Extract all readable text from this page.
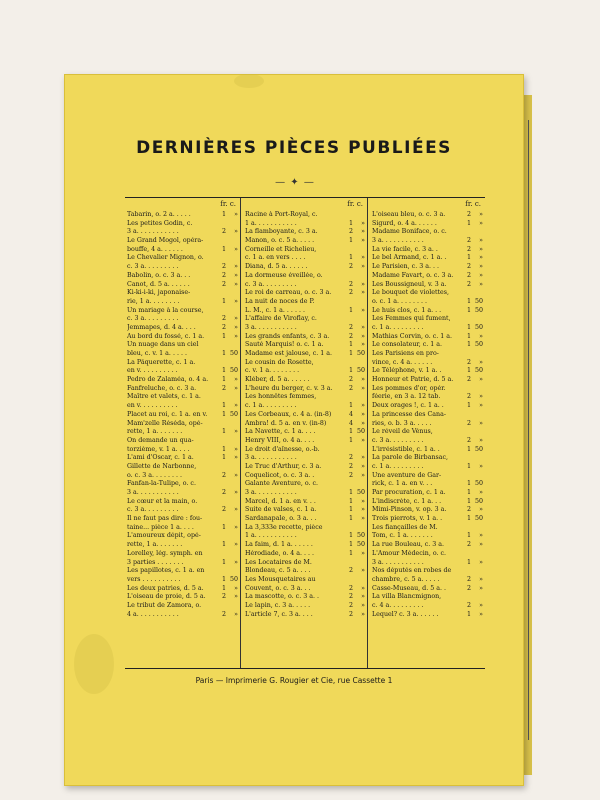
DERNIÈRES PIÈCES PUBLIÉES
— ✦ —
fr. c.
Tabarin, o. 2 a. . . . .	1	»
Les petites Godin, c.
3 a. . . . . . . . . . .	2	»
Le Grand Mogol, opéra-
bouffe, 4 a. . . . . .	1	»
Le Chevalier Mignon, o.
c. 3 a. . . . . . . . .	2	»
Babolin, o. c. 3 a. . .	2	»
Canot, d. 5 a. . . . . .	2	»
Ki-ki-i-ki, japonaise-
rie, 1 a. . . . . . . .	1	»
Un mariage à la course,
c. 3 a. . . . . . . . .	2	»
Jemmapes, d. 4 a. . . .	2	»
Au bord du fossé, c. 1 a.	1	»
Un nuage dans un ciel
bleu, c. v. 1 a. . . . .	1 50
La Pâquerette, c. 1 a.
en v. . . . . . . . . .	1 50
Pedro de Zalaméa, o. 4 a.	1	»
Fanfreluche, o. c. 3 a.	2	»
Maître et valets, c. 1 a.
en v. . . . . . . . . .	1	»
Placet au roi, c. 1 a. en v.	1 50
Mam'zelle Réséda, opé-
rette, 1 a. . . . . . .	1	»
On demande un qua-
torzième, v. 1 a. . . .	1	»
L'ami d'Oscar, c. 1 a.	1	»
Gillette de Narbonne,
o. c. 3 a. . . . . . . .	2	»
Fanfan-la-Tulipe, o. c.
3 a. . . . . . . . . . .	2	»
Le cœur et la main, o.
c. 3 a. . . . . . . . .	2	»
Il ne faut pas dire : fou-
taine... pièce 1 a. . . .	1	»
L'amoureux dépit, opé-
rette, 1 a. . . . . . .	1	»
Lorelley, lég. symph. en
3 parties . . . . . . .	1	»
Les papillotes, c. 1 a. en
vers . . . . . . . . . .	1 50
Les deux patries, d. 5 a.	1	»
L'oiseau de proie, d. 5 a.	2	»
Le tribut de Zamora, o.
4 a. . . . . . . . . . .	2	»
fr. c.
Racine à Port-Royal, c.
1 a. . . . . . . . . . .	1	»
La flamboyante, c. 3 a.	2	»
Manon, o. c. 5 a. . . . .	1	»
Corneille et Richelieu,
c. 1 a. en vers . . . .	1	»
Diana, d. 5 a. . . . . .	2	»
La dormeuse éveillée, o.
c. 3 a. . . . . . . . .	2	»
Le roi de carreau, o. c. 3 a.	2	»
La nuit de noces de P.
L. M., c. 1 a. . . . . .	1	»
L'affaire de Viroflay, c.
3 a. . . . . . . . . . .	2	»
Les grands enfants, c. 3 a.	2	»
Sauté Marquis! o. c. 1 a.	1	»
Madame est jalouse, c. 1 a.	1 50
Le cousin de Rosette,
c. v. 1 a. . . . . . . .	1 50
Kléber, d. 5 a. . . . . .	2	»
L'heure du berger, c. v. 3 a.	2	»
Les honnêtes femmes,
c. 1 a. . . . . . . . .	1	»
Les Corbeaux, c. 4 a. (in-8)	4	»
Ambra! d. 5 a. en v. (in-8)	4	»
La Navette, c. 1 a. . . .	1 50
Henry VIII, o. 4 a. . . .	1	»
Le droit d'aînesse, o.-b.
3 a. . . . . . . . . . .	2	»
Le Truc d'Arthur, c. 3 a.	2	»
Coquelicot, o. c. 3 a. .	2	»
Galante Aventure, o. c.
3 a. . . . . . . . . . .	1 50
Marcel, d. 1 a. en v. . .	1	»
Suite de valses, c. 1 a.	1	»
Sardanapale, o. 3 a. . .	1	»
La 3,333e recette, pièce
1 a. . . . . . . . . . .	1 50
La faim, d. 1 a. . . . . .	1 50
Hérodiade, o. 4 a. . . .	1	»
Les Locataires de M.
Blondeau, c. 5 a. . . .	2	»
Les Mousquetaires au
Couvent, o. c. 3 a. . .	2	»
La mascotte, o. c. 3 a. .	2	»
Le lapin, c. 3 a. . . . .	2	»
L'article 7, c. 3 a. . . .	2	»
fr. c.
L'oiseau bleu, o. c. 3 a.	2	»
Sigurd, o. 4 a. . . . . .	1	»
Madame Boniface, o. c.
3 a. . . . . . . . . . .	2	»
La vie facile, c. 3 a. .	2	»
Le bel Armand, c. 1 a. .	1	»
Le Parisien, c. 3 a. . .	2	»
Madame Favart, o. c. 3 a.	2	»
Les Boussigneul, v. 3 a.	2	»
Le bouquet de violettes,
o. c. 1 a. . . . . . . .	1 50
Le huis clos, c. 1 a. . .	1 50
Les Femmes qui fument,
c. 1 a. . . . . . . . .	1 50
Mathias Corvin, o. c. 1 a.	1	»
Le consolateur, c. 1 a.	1 50
Les Parisiens en pro-
vince, c. 4 a. . . . . .	2	»
Le Téléphone, v. 1 a. .	1 50
Honneur et Patrie, d. 5 a.	2	»
Les pommes d'or, opér.
féerie, en 3 a. 12 tab.	2	»
Deux orages !, c. 1 a. .	1	»
La princesse des Cana-
ries, o. b. 3 a. . . . .	2	»
Le réveil de Vénus,
c. 3 a. . . . . . . . .	2	»
L'irrésistible, c. 1 a. .	1 50
La parole de Birbansac,
c. 1 a. . . . . . . . .	1	»
Une aventure de Gar-
rick, c. 1 a. en v. . .	1 50
Par procuration, c. 1 a.	1	»
L'indiscrète, c. 1 a. . .	1 50
Mimi-Pinson, v. op. 3 a.	2	»
Trois pierrots, v. 1 a. .	1 50
Les fiançailles de M.
Tom, c. 1 a. . . . . . .	1	»
La rue Bouleau, c. 3 a.	2	»
L'Amour Médecin, o. c.
3 a. . . . . . . . . . .	1	»
Nos députés en robes de
chambre, c. 5 a. . . . .	2	»
Casse-Museau, d. 5 a. .	2	»
La villa Blancmignon,
c. 4 a. . . . . . . . .	2	»
Lequel? c. 3 a. . . . . .	1	»
Paris — Imprimerie G. Rougier et Cie, rue Cassette 1
